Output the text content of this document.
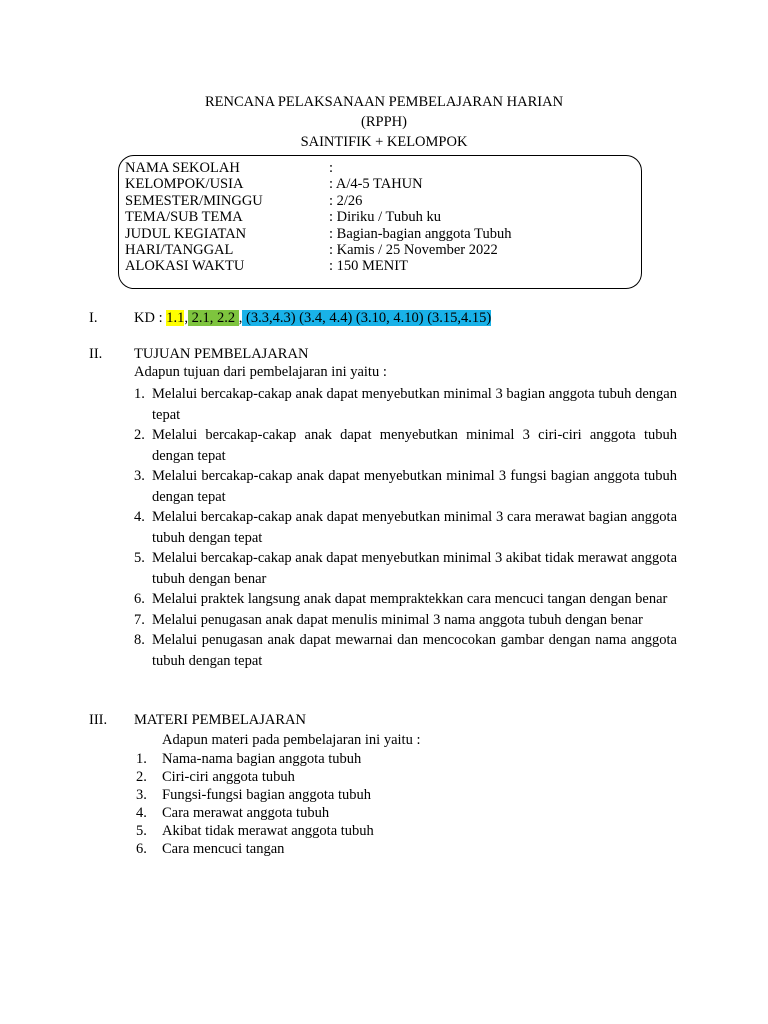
RENCANA PELAKSANAAN PEMBELAJARAN HARIAN
(RPPH)
SAINTIFIK + KELOMPOK
NAMA SEKOLAH	:
KELOMPOK/USIA	: A/4-5 TAHUN
SEMESTER/MINGGU	: 2/26
TEMA/SUB TEMA	: Diriku / Tubuh ku
JUDUL KEGIATAN	: Bagian-bagian anggota Tubuh
HARI/TANGGAL	: Kamis / 25 November 2022
ALOKASI WAKTU	: 150 MENIT
I.	KD : 1.1, 2.1, 2.2 , (3.3,4.3) (3.4, 4.4) (3.10, 4.10) (3.15,4.15)
II. TUJUAN PEMBELAJARAN
Adapun tujuan dari pembelajaran ini yaitu :
1. Melalui bercakap-cakap anak dapat menyebutkan minimal 3 bagian anggota tubuh dengan tepat
2. Melalui bercakap-cakap anak dapat menyebutkan minimal 3 ciri-ciri anggota tubuh dengan tepat
3. Melalui bercakap-cakap anak dapat menyebutkan minimal 3 fungsi bagian anggota tubuh dengan tepat
4. Melalui bercakap-cakap anak dapat menyebutkan minimal 3 cara merawat bagian anggota tubuh dengan tepat
5. Melalui bercakap-cakap anak dapat menyebutkan minimal 3 akibat tidak merawat anggota tubuh dengan benar
6. Melalui praktek langsung anak dapat mempraktekkan cara mencuci tangan dengan benar
7. Melalui penugasan anak dapat menulis minimal 3 nama anggota tubuh dengan benar
8. Melalui penugasan anak dapat mewarnai dan mencocokan gambar dengan nama anggota tubuh dengan tepat
III. MATERI PEMBELAJARAN
Adapun materi pada pembelajaran ini yaitu :
1. Nama-nama bagian anggota tubuh
2. Ciri-ciri anggota tubuh
3. Fungsi-fungsi bagian anggota tubuh
4. Cara merawat anggota tubuh
5. Akibat tidak merawat anggota tubuh
6. Cara mencuci tangan
